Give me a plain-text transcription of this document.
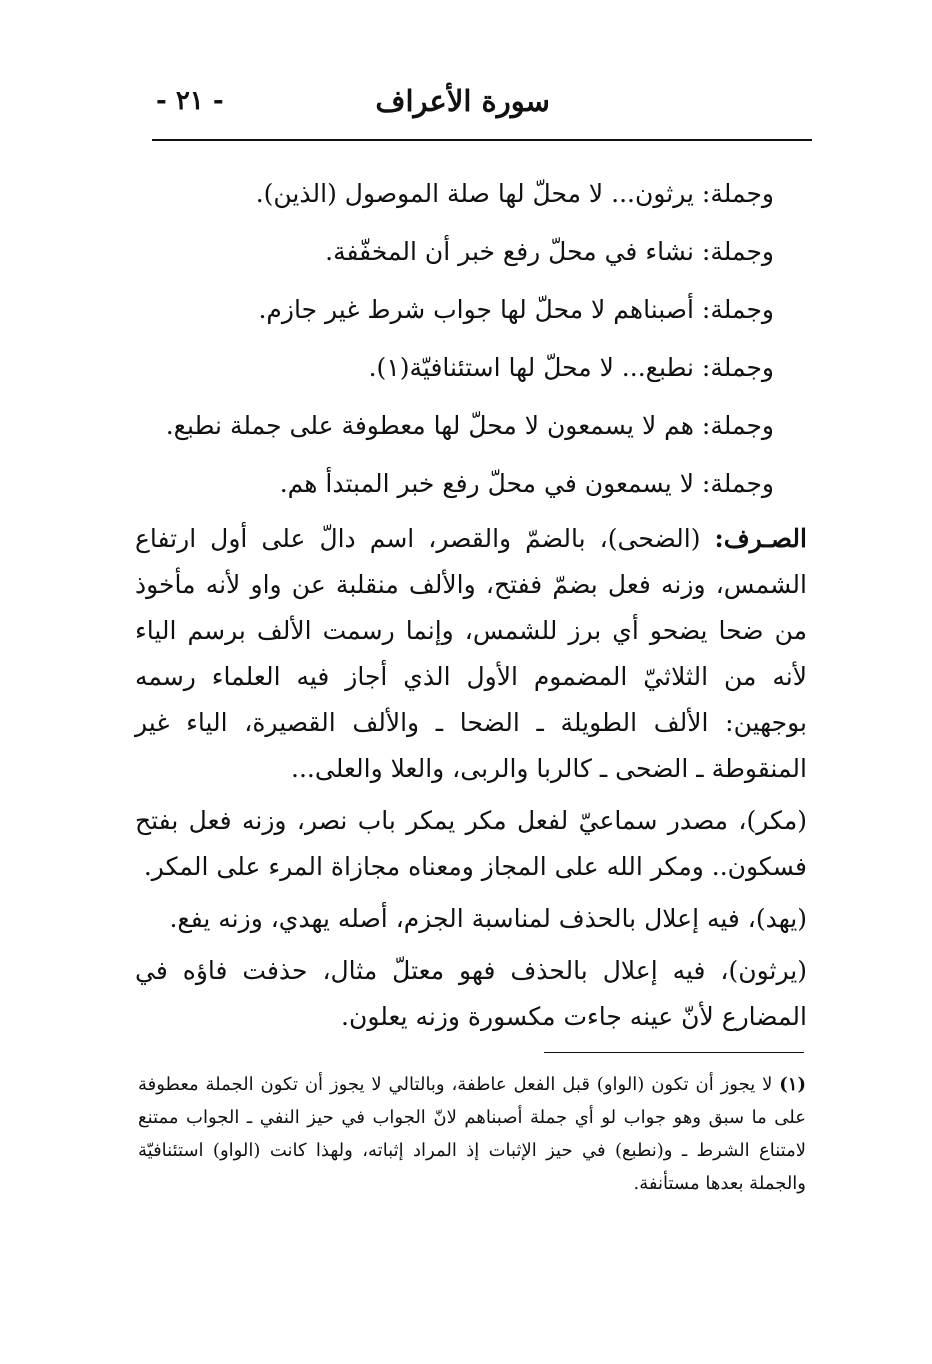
سورة الأعراف
- ٢١ -
وجملة: يرثون... لا محلّ لها صلة الموصول (الذين).
وجملة: نشاء في محلّ رفع خبر أن المخفّفة.
وجملة: أصبناهم لا محلّ لها جواب شرط غير جازم.
وجملة: نطبع... لا محلّ لها استئنافيّة(١).
وجملة: هم لا يسمعون لا محلّ لها معطوفة على جملة نطبع.
وجملة: لا يسمعون في محلّ رفع خبر المبتدأ هم.

الصـرف: (الضحى)، بالضمّ والقصر، اسم دالّ على أول ارتفاع الشمس، وزنه فعل بضمّ ففتح، والألف منقلبة عن واو لأنه مأخوذ من ضحا يضحو أي برز للشمس، وإنما رسمت الألف برسم الياء لأنه من الثلاثيّ المضموم الأول الذي أجاز فيه العلماء رسمه بوجهين: الألف الطويلة ـ الضحا ـ والألف القصيرة، الياء غير المنقوطة ـ الضحى ـ كالربا والربى، والعلا والعلى...

(مكر)، مصدر سماعيّ لفعل مكر يمكر باب نصر، وزنه فعل بفتح فسكون.. ومكر الله على المجاز ومعناه مجازاة المرء على المكر.

(يهد)، فيه إعلال بالحذف لمناسبة الجزم، أصله يهدي، وزنه يفع.

(يرثون)، فيه إعلال بالحذف فهو معتلّ مثال، حذفت فاؤه في المضارع لأنّ عينه جاءت مكسورة وزنه يعلون.

(١) لا يجوز أن تكون (الواو) قبل الفعل عاطفة، وبالتالي لا يجوز أن تكون الجملة معطوفة على ما سبق وهو جواب لو أي جملة أصبناهم لانّ الجواب في حيز النفي ـ الجواب ممتنع لامتناع الشرط ـ و(نطبع) في حيز الإثبات إذ المراد إثباته، ولهذا كانت (الواو) استئنافيّة والجملة بعدها مستأنفة.
